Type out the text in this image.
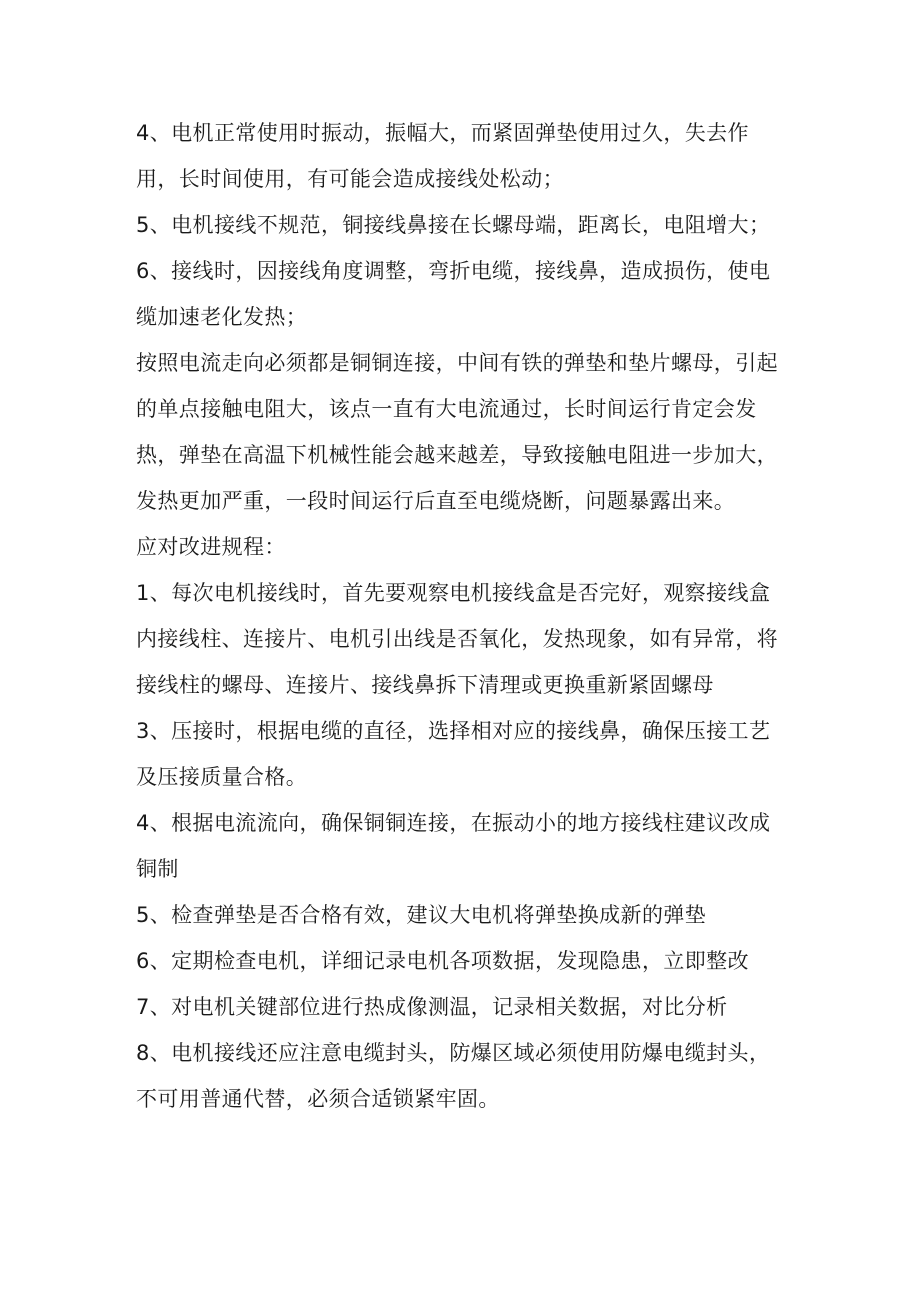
4、电机正常使用时振动，振幅大，而紧固弹垫使用过久，失去作用，长时间使用，有可能会造成接线处松动；

5、电机接线不规范，铜接线鼻接在长螺母端，距离长，电阻增大；

6、接线时，因接线角度调整，弯折电缆，接线鼻，造成损伤，使电缆加速老化发热；

按照电流走向必须都是铜铜连接，中间有铁的弹垫和垫片螺母，引起的单点接触电阻大，该点一直有大电流通过，长时间运行肯定会发热，弹垫在高温下机械性能会越来越差，导致接触电阻进一步加大，发热更加严重，一段时间运行后直至电缆烧断，问题暴露出来。

应对改进规程：

1、每次电机接线时，首先要观察电机接线盒是否完好，观察接线盒内接线柱、连接片、电机引出线是否氧化，发热现象，如有异常，将接线柱的螺母、连接片、接线鼻拆下清理或更换重新紧固螺母

3、压接时，根据电缆的直径，选择相对应的接线鼻，确保压接工艺及压接质量合格。

4、根据电流流向，确保铜铜连接，在振动小的地方接线柱建议改成铜制

5、检查弹垫是否合格有效，建议大电机将弹垫换成新的弹垫

6、定期检查电机，详细记录电机各项数据，发现隐患，立即整改

7、对电机关键部位进行热成像测温，记录相关数据，对比分析

8、电机接线还应注意电缆封头，防爆区域必须使用防爆电缆封头，不可用普通代替，必须合适锁紧牢固。
